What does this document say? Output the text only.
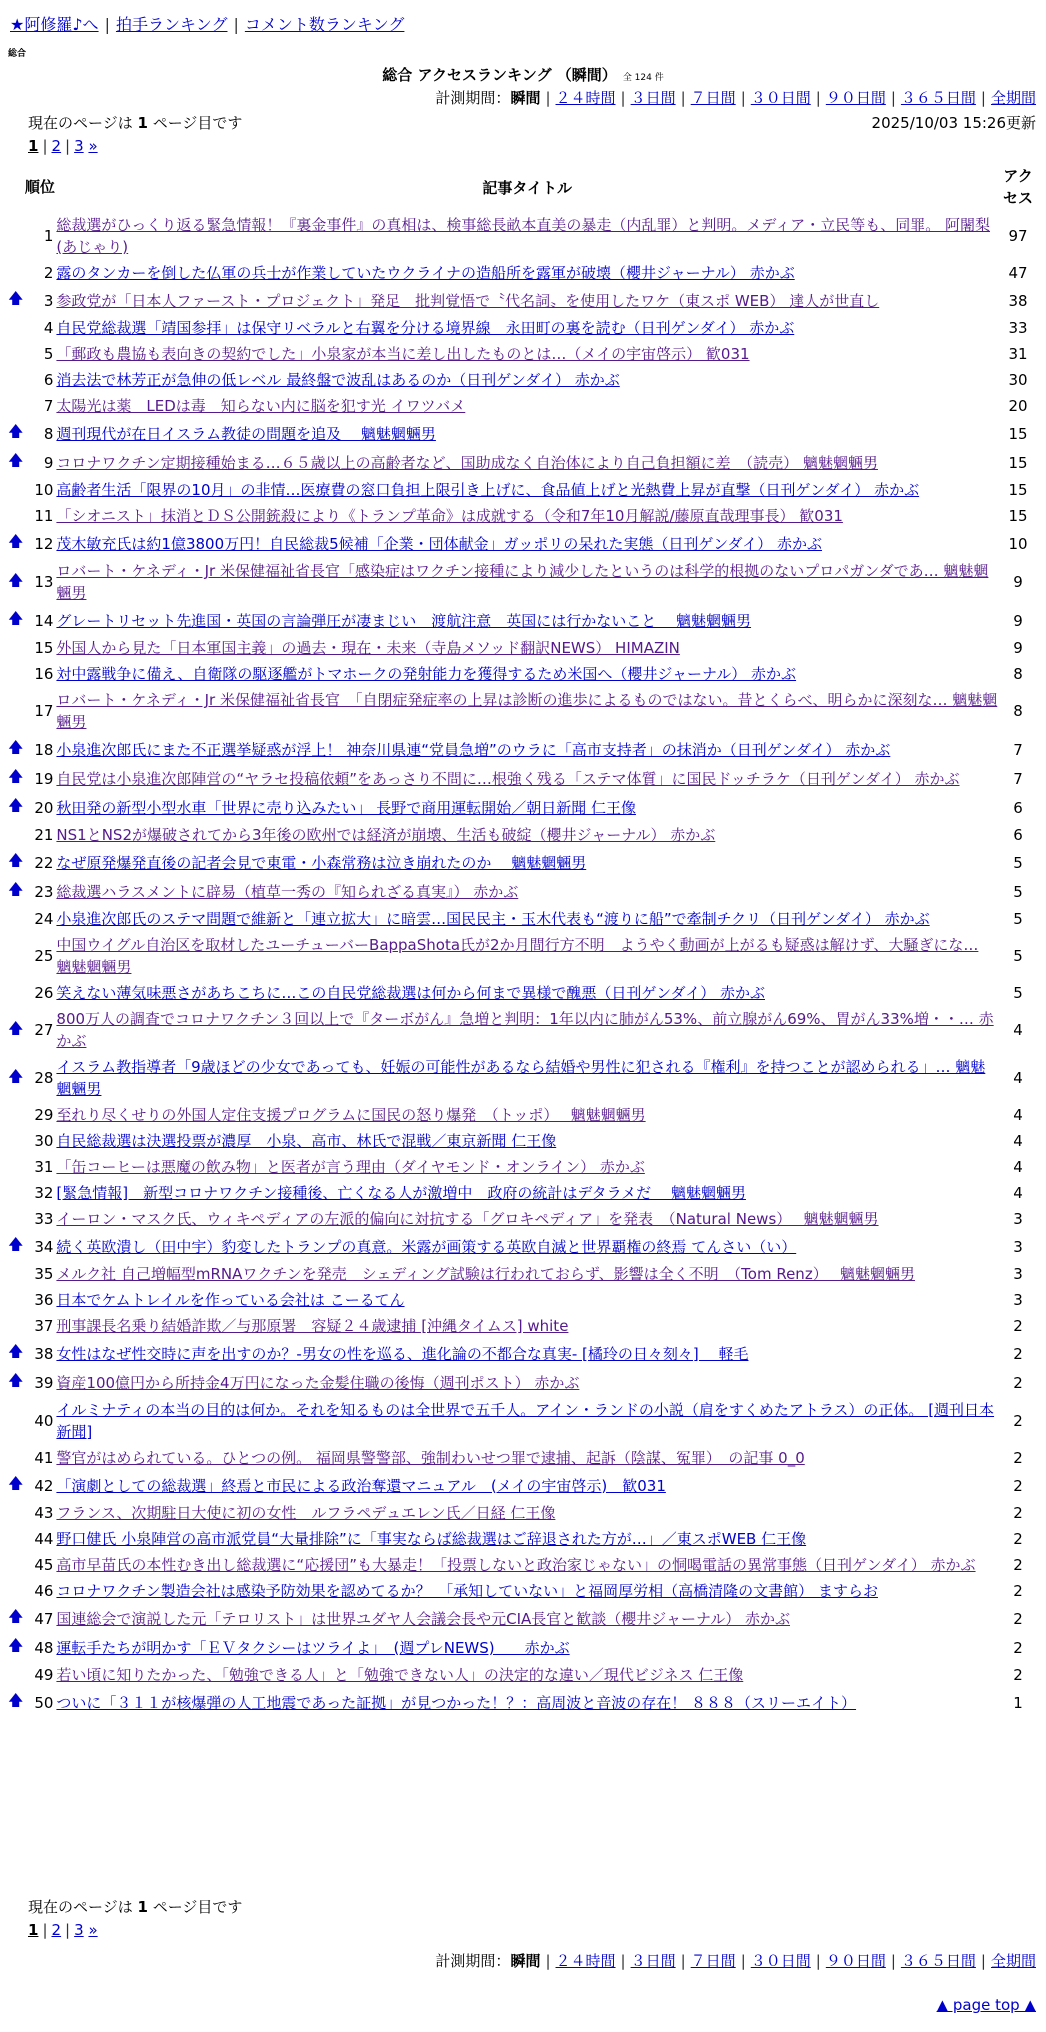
★阿修羅♪へ | 拍手ランキング | コメント数ランキング
総合
総合 アクセスランキング （瞬間） 全 124 件
計測期間：瞬間 | ２４時間 | ３日間 | ７日間 | ３０日間 | ９０日間 | ３６５日間 | 全期間
現在のページは 1 ページ目です	2025/10/03 15:26更新
1 | 2 | 3 »
	順位	記事タイトル	アクセス
	1	総裁選がひっくり返る緊急情報！『裏金事件』の真相は、検事総長畝本直美の暴走（内乱罪）と判明。メディア・立民等も、同罪。 阿闍梨(あじゃり)	97
	2	露のタンカーを倒した仏軍の兵士が作業していたウクライナの造船所を露軍が破壊（櫻井ジャーナル） 赤かぶ	47
🡅	3	参政党が「日本人ファースト・プロジェクト」発足　批判覚悟で〝代名詞〟を使用したワケ（東スポ WEB） 達人が世直し	38
	4	自民党総裁選「靖国参拝」は保守リベラルと右翼を分ける境界線　永田町の裏を読む（日刊ゲンダイ） 赤かぶ	33
	5	「郵政も農協も表向きの契約でした」小泉家が本当に差し出したものとは…（メイの宇宙啓示） 歓031	31
	6	消去法で林芳正が急伸の低レベル 最終盤で波乱はあるのか（日刊ゲンダイ） 赤かぶ	30
	7	太陽光は薬　LEDは毒　知らない内に脳を犯す光 イワツバメ	20
🡅	8	週刊現代が在日イスラム教徒の問題を追及　 魑魅魍魎男	15
🡅	9	コロナワクチン定期接種始まる…６５歳以上の高齢者など、国助成なく自治体により自己負担額に差　（読売） 魑魅魍魎男	15
	10	高齢者生活「限界の10月」の非情…医療費の窓口負担上限引き上げに、食品値上げと光熱費上昇が直撃（日刊ゲンダイ） 赤かぶ	15
	11	「シオニスト」抹消とＤＳ公開銃殺により《トランプ革命》は成就する（令和7年10月解説/藤原直哉理事長） 歓031	15
🡅	12	茂木敏充氏は約1億3800万円！自民総裁5候補「企業・団体献金」ガッポリの呆れた実態（日刊ゲンダイ） 赤かぶ	10
🡅	13	ロバート・ケネディ・Jr 米保健福祉省長官「感染症はワクチン接種により減少したというのは科学的根拠のないプロパガンダであ… 魑魅魍魎男	9
🡅	14	グレートリセット先進国・英国の言論弾圧が凄まじい　渡航注意　英国には行かないこと　 魑魅魍魎男	9
	15	外国人から見た「日本軍国主義」の過去・現在・未来（寺島メソッド翻訳NEWS） HIMAZIN	9
	16	対中露戦争に備え、自衛隊の駆逐艦がトマホークの発射能力を獲得するため米国へ（櫻井ジャーナル） 赤かぶ	8
	17	ロバート・ケネディ・Jr 米保健福祉省長官　「自閉症発症率の上昇は診断の進歩によるものではない。昔とくらべ、明らかに深刻な… 魑魅魍魎男	8
🡅	18	小泉進次郎氏にまた不正選挙疑惑が浮上！ 神奈川県連“党員急増”のウラに「高市支持者」の抹消か（日刊ゲンダイ） 赤かぶ	7
🡅	19	自民党は小泉進次郎陣営の“ヤラセ投稿依頼”をあっさり不問に…根強く残る「ステマ体質」に国民ドッチラケ（日刊ゲンダイ） 赤かぶ	7
🡅	20	秋田発の新型小型水車「世界に売り込みたい」 長野で商用運転開始／朝日新聞 仁王像	6
	21	NS1とNS2が爆破されてから3年後の欧州では経済が崩壊、生活も破綻（櫻井ジャーナル） 赤かぶ	6
🡅	22	なぜ原発爆発直後の記者会見で東電・小森常務は泣き崩れたのか　 魑魅魍魎男	5
🡅	23	総裁選ハラスメントに辟易（植草一秀の『知られざる真実』） 赤かぶ	5
	24	小泉進次郎氏のステマ問題で維新と「連立拡大」に暗雲…国民民主・玉木代表も“渡りに船”で牽制チクリ（日刊ゲンダイ） 赤かぶ	5
	25	中国ウイグル自治区を取材したユーチューバーBappaShota氏が2か月間行方不明　ようやく動画が上がるも疑惑は解けず、大騒ぎにな… 魑魅魍魎男	5
	26	笑えない薄気味悪さがあちこちに…この自民党総裁選は何から何まで異様で醜悪（日刊ゲンダイ） 赤かぶ	5
🡅	27	800万人の調査でコロナワクチン３回以上で『ターボがん』急増と判明：1年以内に肺がん53%、前立腺がん69%、胃がん33%増・・… 赤かぶ	4
🡅	28	イスラム教指導者「9歳ほどの少女であっても、妊娠の可能性があるなら結婚や男性に犯される『権利』を持つことが認められる」… 魑魅魍魎男	4
	29	至れり尽くせりの外国人定住支援プログラムに国民の怒り爆発　（トッポ）　 魑魅魍魎男	4
	30	自民総裁選は決選投票が濃厚　小泉、高市、林氏で混戦／東京新聞 仁王像	4
	31	「缶コーヒーは悪魔の飲み物」と医者が言う理由（ダイヤモンド・オンライン） 赤かぶ	4
	32	[緊急情報]　新型コロナワクチン接種後、亡くなる人が激増中　政府の統計はデタラメだ　 魑魅魍魎男	4
	33	イーロン・マスク氏、ウィキペディアの左派的偏向に対抗する「グロキペディア」を発表　（Natural News）　 魑魅魍魎男	3
🡅	34	続く英欧潰し（田中宇）豹変したトランプの真意。米露が画策する英欧自滅と世界覇権の終焉 てんさい（い）	3
	35	メルク社 自己増幅型mRNAワクチンを発売　シェディング試験は行われておらず、影響は全く不明　（Tom Renz）　 魑魅魍魎男	3
	36	日本でケムトレイルを作っている会社は こーるてん	3
	37	刑事課長名乗り結婚詐欺／与那原署　容疑２４歳逮捕 [沖縄タイムス] white	2
🡅	38	女性はなぜ性交時に声を出すのか？-男女の性を巡る、進化論の不都合な真実- [橘玲の日々刻々]　 軽毛	2
🡅	39	資産100億円から所持金4万円になった金髪住職の後悔（週刊ポスト） 赤かぶ	2
	40	イルミナティの本当の目的は何か。それを知るものは全世界で五千人。アイン・ランドの小説（肩をすくめたアトラス）の正体。 [週刊日本新聞]	2
	41	警官がはめられている。ひとつの例。 福岡県警警部、強制わいせつ罪で逮捕、起訴（陰謀、冤罪）　の記事 0_0	2
🡅	42	「演劇としての総裁選」終焉と市民による政治奪還マニュアル　(メイの宇宙啓示)　歓031	2
	43	フランス、次期駐日大使に初の女性　ルフラペデュエレン氏／日経 仁王像	2
	44	野口健氏 小泉陣営の高市派党員“大量排除”に「事実ならば総裁選はご辞退された方が…」／東スポWEB 仁王像	2
	45	高市早苗氏の本性むき出し総裁選に“応援団”も大暴走！「投票しないと政治家じゃない」の恫喝電話の異常事態（日刊ゲンダイ） 赤かぶ	2
	46	コロナワクチン製造会社は感染予防効果を認めてるか？　「承知していない」と福岡厚労相（高橋清隆の文書館） ますらお	2
🡅	47	国連総会で演説した元「テロリスト」は世界ユダヤ人会議会長や元CIA長官と歓談（櫻井ジャーナル） 赤かぶ	2
🡅	48	運転手たちが明かす「ＥＶタクシーはツライよ」　(週プレNEWS)　　赤かぶ	2
	49	若い頃に知りたかった、「勉強できる人」と「勉強できない人」の決定的な違い／現代ビジネス 仁王像	2
🡅	50	ついに「３１１が核爆弾の人工地震であった証拠」が見つかった！？：高周波と音波の存在！ ８８８（スリーエイト）	1
現在のページは 1 ページ目です
1 | 2 | 3 »
計測期間：瞬間 | ２４時間 | ３日間 | ７日間 | ３０日間 | ９０日間 | ３６５日間 | 全期間
▲ page top ▲
